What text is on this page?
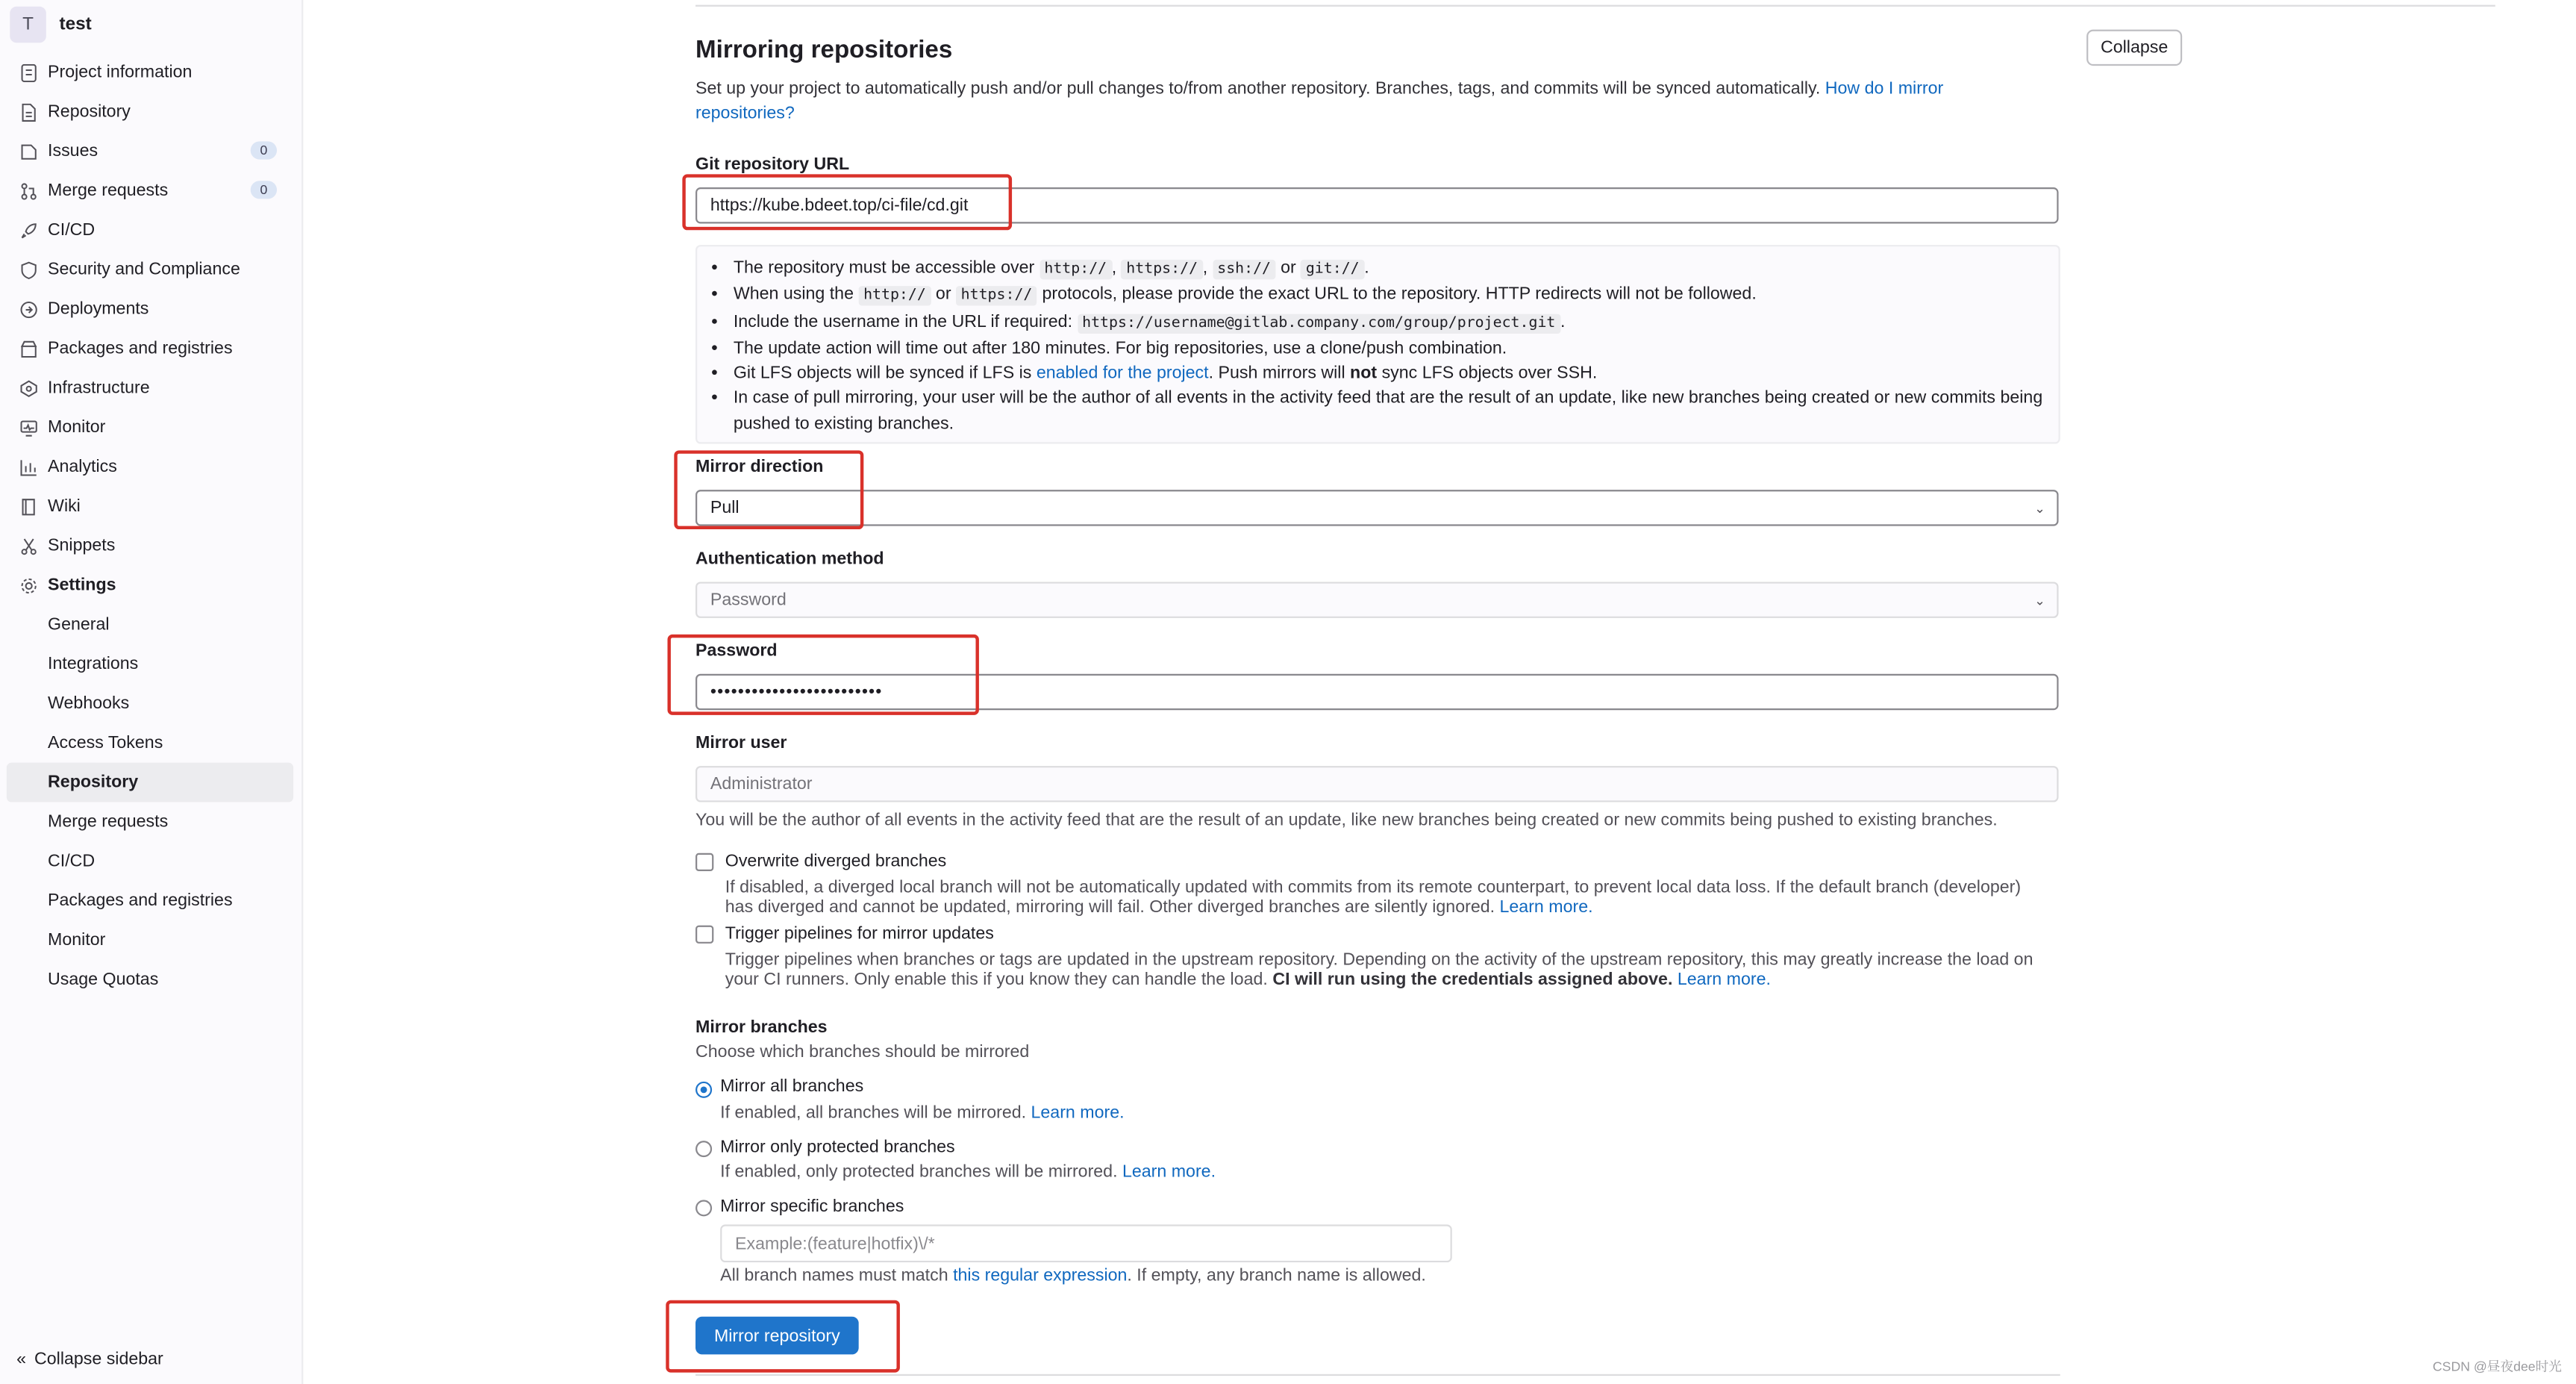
T	test
Project information
Repository
Issues	0
Merge requests	0
CI/CD
Security and Compliance
Deployments
Packages and registries
Infrastructure
Monitor
Analytics
Wiki
Snippets
Settings
General
Integrations
Webhooks
Access Tokens
Repository
Merge requests
CI/CD
Packages and registries
Monitor
Usage Quotas
« Collapse sidebar
Mirroring repositories	Collapse
Set up your project to automatically push and/or pull changes to/from another repository. Branches, tags, and commits will be synced automatically. How do I mirror repositories?
Git repository URL
https://kube.bdeet.top/ci-file/cd.git
• The repository must be accessible over http:// , https:// , ssh:// or git:// .
• When using the http:// or https:// protocols, please provide the exact URL to the repository. HTTP redirects will not be followed.
• Include the username in the URL if required: https://username@gitlab.company.com/group/project.git .
• The update action will time out after 180 minutes. For big repositories, use a clone/push combination.
• Git LFS objects will be synced if LFS is enabled for the project. Push mirrors will not sync LFS objects over SSH.
• In case of pull mirroring, your user will be the author of all events in the activity feed that are the result of an update, like new branches being created or new commits being pushed to existing branches.
Mirror direction
Pull	⌄
Authentication method
Password	⌄
Password
•••••••••••••••••••••••••
Mirror user
Administrator
You will be the author of all events in the activity feed that are the result of an update, like new branches being created or new commits being pushed to existing branches.
Overwrite diverged branches
If disabled, a diverged local branch will not be automatically updated with commits from its remote counterpart, to prevent local data loss. If the default branch (developer) has diverged and cannot be updated, mirroring will fail. Other diverged branches are silently ignored. Learn more.
Trigger pipelines for mirror updates
Trigger pipelines when branches or tags are updated in the upstream repository. Depending on the activity of the upstream repository, this may greatly increase the load on your CI runners. Only enable this if you know they can handle the load. CI will run using the credentials assigned above. Learn more.
Mirror branches
Choose which branches should be mirrored
Mirror all branches
If enabled, all branches will be mirrored. Learn more.
Mirror only protected branches
If enabled, only protected branches will be mirrored. Learn more.
Mirror specific branches
Example:(feature|hotfix)\/*
All branch names must match this regular expression. If empty, any branch name is allowed.
Mirror repository
CSDN @昼夜dee时光
